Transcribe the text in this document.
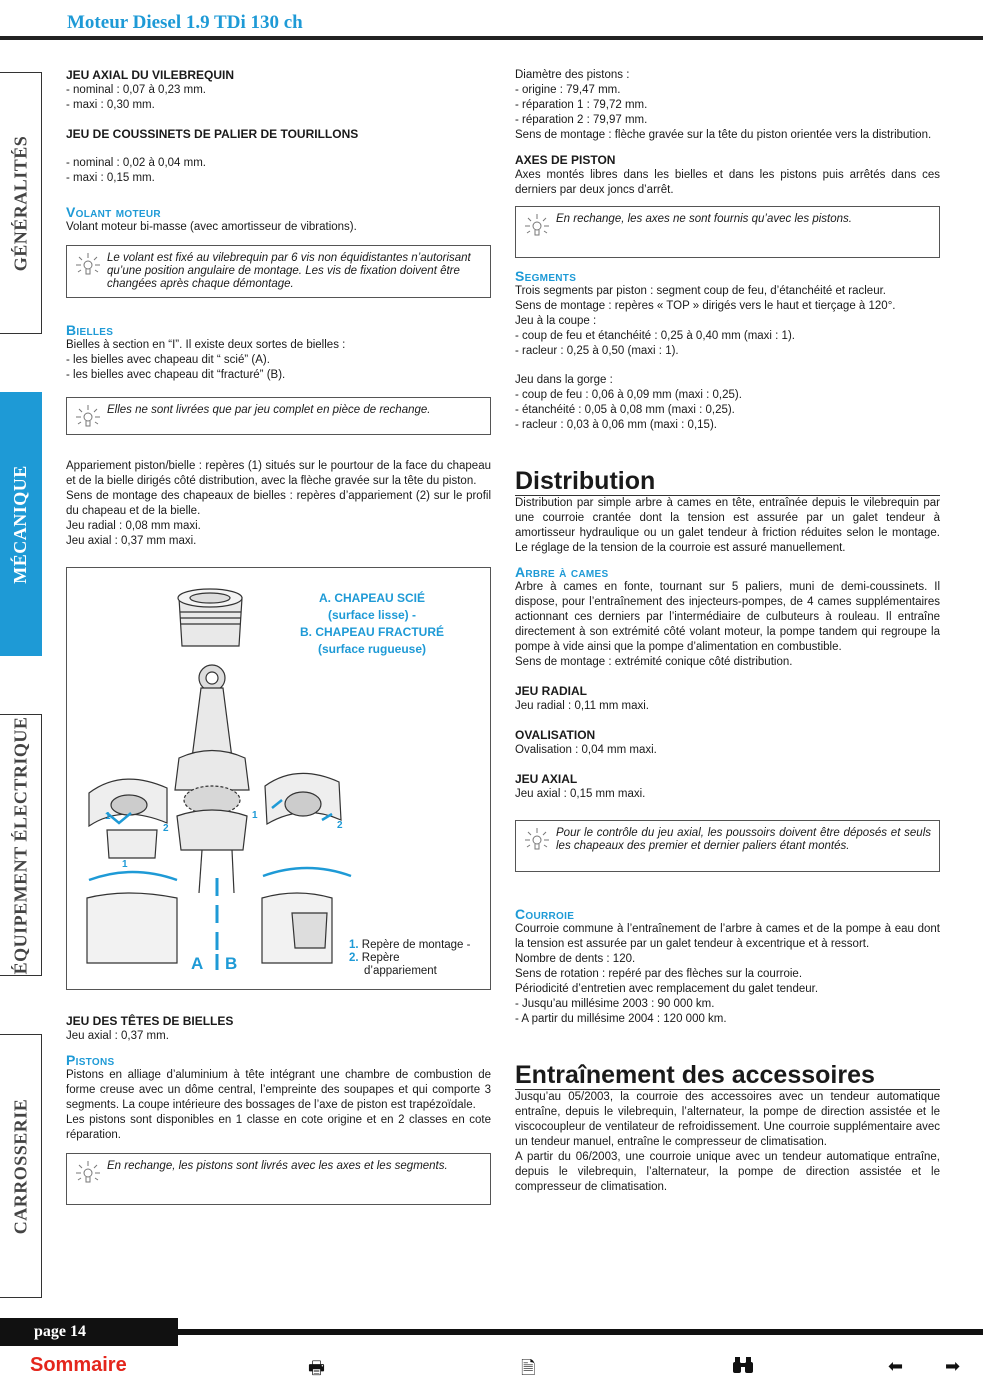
Moteur Diesel 1.9 TDi 130 ch
GÉNÉRALITÉS
MÉCANIQUE
ÉQUIPEMENT ÉLECTRIQUE
CARROSSERIE

JEU AXIAL DU VILEBREQUIN

- nominal : 0,07 à 0,23 mm.

- maxi : 0,30 mm.

JEU DE COUSSINETS DE PALIER DE TOURILLONS

- nominal : 0,02 à 0,04 mm.

- maxi : 0,15 mm.

Volant moteur

Volant moteur bi-masse (avec amortisseur de vibrations).

Le volant est fixé au vilebrequin par 6 vis non équidistantes n’autorisant qu’une position angulaire de montage. Les vis de fixation doivent être changées après chaque démontage.

Bielles

Bielles à section en “I”. Il existe deux sortes de bielles :

- les bielles avec chapeau dit “ scié” (A).

- les bielles avec chapeau dit “fracturé” (B).

Elles ne sont livrées que par jeu complet en pièce de rechange.

Appariement piston/bielle : repères (1) situés sur le pourtour de la face du chapeau et de la bielle dirigés côté distribution, avec la flèche gravée sur la tête du piston.

Sens de montage des chapeaux de bielles : repères d’appariement (2) sur le profil du chapeau et de la bielle.

Jeu radial : 0,08 mm maxi.

Jeu axial : 0,37 mm maxi.

A B
1
2
1
1
2
A. CHAPEAU SCIÉ
(surface lisse) -
B. CHAPEAU FRACTURÉ
(surface rugueuse)
1. Repère de montage -
2. Repère
d’appariement

JEU DES TÊTES DE BIELLES

Jeu axial : 0,37 mm.

Pistons

Pistons en alliage d’aluminium à tête intégrant une chambre de combustion de forme creuse avec un dôme central, l’empreinte des soupapes et qui comporte 3 segments. La coupe intérieure des bossages de l’axe de piston est trapézoïdale.

Les pistons sont disponibles en 1 classe en cote origine et en 2 classes en cote réparation.

En rechange, les pistons sont livrés avec les axes et les segments.

Diamètre des pistons :

- origine : 79,47 mm.

- réparation 1 : 79,72 mm.

- réparation 2 : 79,97 mm.

Sens de montage : flèche gravée sur la tête du piston orientée vers la distribution.

AXES DE PISTON

Axes montés libres dans les bielles et dans les pistons puis arrêtés dans ces derniers par deux joncs d’arrêt.

En rechange, les axes ne sont fournis qu’avec les pistons.

Segments

Trois segments par piston : segment coup de feu, d’étanchéité et racleur.

Sens de montage : repères « TOP » dirigés vers le haut et tierçage à 120°.

Jeu à la coupe :

- coup de feu et étanchéité : 0,25 à 0,40 mm (maxi : 1).

- racleur : 0,25 à 0,50 (maxi : 1).

Jeu dans la gorge :

- coup de feu : 0,06 à 0,09 mm (maxi : 0,25).

- étanchéité : 0,05 à 0,08 mm (maxi : 0,25).

- racleur : 0,03 à 0,06 mm (maxi : 0,15).

Distribution

Distribution par simple arbre à cames en tête, entraînée depuis le vilebrequin par une courroie crantée dont la tension est assurée par un galet tendeur à amortisseur hydraulique ou un galet tendeur à friction réduites selon le montage. Le réglage de la tension de la courroie est assuré manuellement.

Arbre à cames

Arbre à cames en fonte, tournant sur 5 paliers, muni de demi-coussinets. Il dispose, pour l’entraînement des injecteurs-pompes, de 4 cames supplémentaires actionnant ces derniers par l’intermédiaire de culbuteurs à rouleau. Il entraîne directement à son extrémité côté volant moteur, la pompe tandem qui regroupe la pompe à vide ainsi que la pompe d’alimentation en combustible.

Sens de montage : extrémité conique côté distribution.

JEU RADIAL

Jeu radial : 0,11 mm maxi.

OVALISATION

Ovalisation : 0,04 mm maxi.

JEU AXIAL

Jeu axial : 0,15 mm maxi.

Pour le contrôle du jeu axial, les poussoirs doivent être déposés et seuls les chapeaux des premier et dernier paliers étant montés.

Courroie

Courroie commune à l’entraînement de l’arbre à cames et de la pompe à eau dont la tension est assurée par un galet tendeur à excentrique et à ressort.

Nombre de dents : 120.

Sens de rotation : repéré par des flèches sur la courroie.

Périodicité d’entretien avec remplacement du galet tendeur.

- Jusqu’au millésime 2003 : 90 000 km.

- A partir du millésime 2004 : 120 000 km.

Entraînement des accessoires

Jusqu’au 05/2003, la courroie des accessoires avec un tendeur automatique entraîne, depuis le vilebrequin, l’alternateur, la pompe de direction assistée et le viscocoupleur de ventilateur de refroidissement. Une courroie supplémentaire avec un tendeur manuel, entraîne le compresseur de climatisation.

A partir du 06/2003, une courroie unique avec un tendeur automatique entraîne, depuis le vilebrequin, l’alternateur, la pompe de direction assistée et le compresseur de climatisation.

page 14
Sommaire	🖶	🗎	⬅ ➡
